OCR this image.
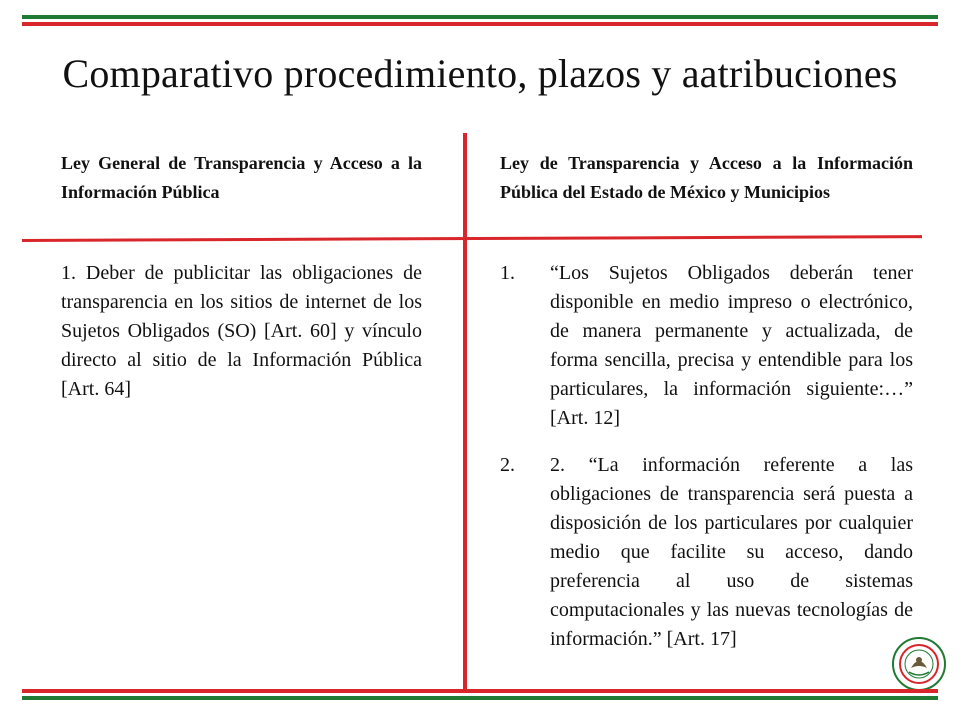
Comparativo procedimiento, plazos y aatribuciones
Ley General de Transparencia y Acceso a la Información Pública
Ley de Transparencia y Acceso a la Información Pública del Estado de México y Municipios
1. Deber de publicitar las obligaciones de transparencia en los sitios de internet de los Sujetos Obligados (SO) [Art. 60] y vínculo directo al sitio de la Información Pública [Art. 64]
1. “Los Sujetos Obligados deberán tener disponible en medio impreso o electrónico, de manera permanente y actualizada, de forma sencilla, precisa y entendible para los particulares, la información siguiente:…” [Art. 12]
2. 2. “La información referente a las obligaciones de transparencia será puesta a disposición de los particulares por cualquier medio que facilite su acceso, dando preferencia al uso de sistemas computacionales y las nuevas tecnologías de información.” [Art. 17]
